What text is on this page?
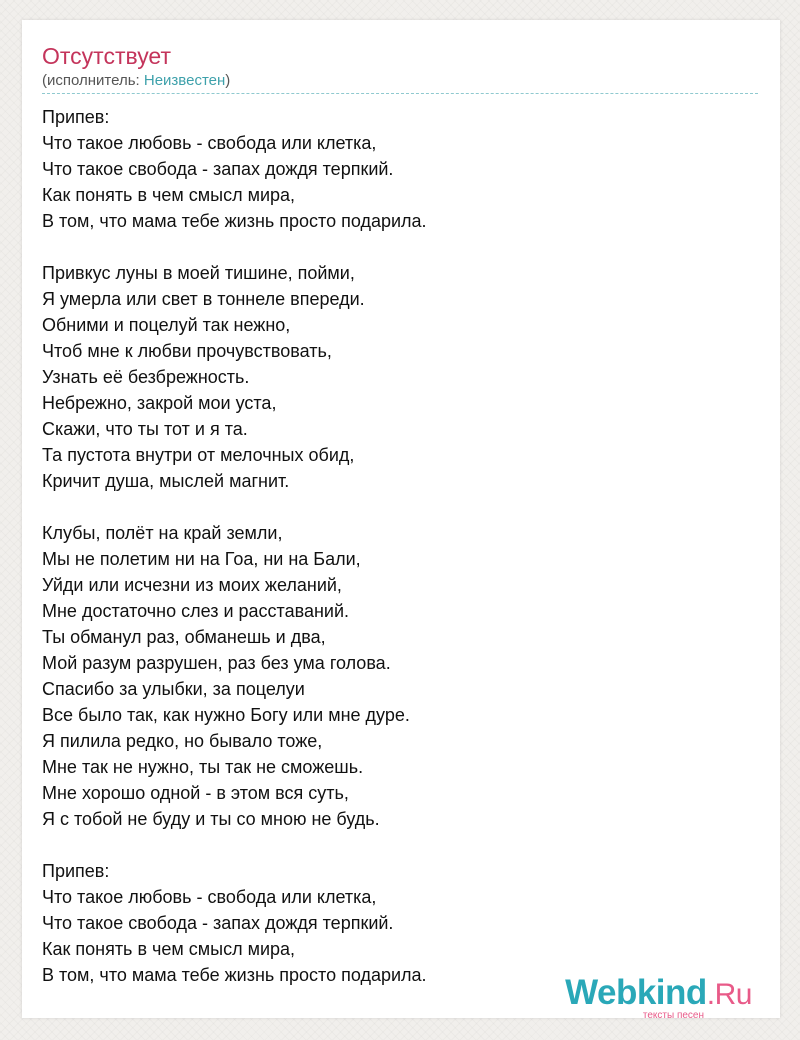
Отсутствует
(исполнитель: Неизвестен)
Припев:
Что такое любовь - свобода или клетка,
Что такое свобода - запах дождя терпкий.
Как понять в чем смысл мира,
В том, что мама тебе жизнь просто подарила.
Привкус луны в моей тишине, пойми,
Я умерла или свет в тоннеле впереди.
Обними и поцелуй так нежно,
Чтоб мне к любви прочувствовать,
Узнать её безбрежность.
Небрежно, закрой мои уста,
Скажи, что ты тот и я та.
Та пустота внутри от мелочных обид,
Кричит душа, мыслей магнит.
Клубы, полёт на край земли,
Мы не полетим ни на Гоа, ни на Бали,
Уйди или исчезни из моих желаний,
Мне достаточно слез и расставаний.
Ты обманул раз, обманешь и два,
Мой разум разрушен, раз без ума голова.
Спасибо за улыбки, за поцелуи
Все было так, как нужно Богу или мне дуре.
Я пилила редко, но бывало тоже,
Мне так не нужно, ты так не сможешь.
Мне хорошо одной - в этом вся суть,
Я с тобой не буду и ты со мною не будь.
Припев:
Что такое любовь - свобода или клетка,
Что такое свобода - запах дождя терпкий.
Как понять в чем смысл мира,
В том, что мама тебе жизнь просто подарила.	Webkind.Ru
тексты песен
